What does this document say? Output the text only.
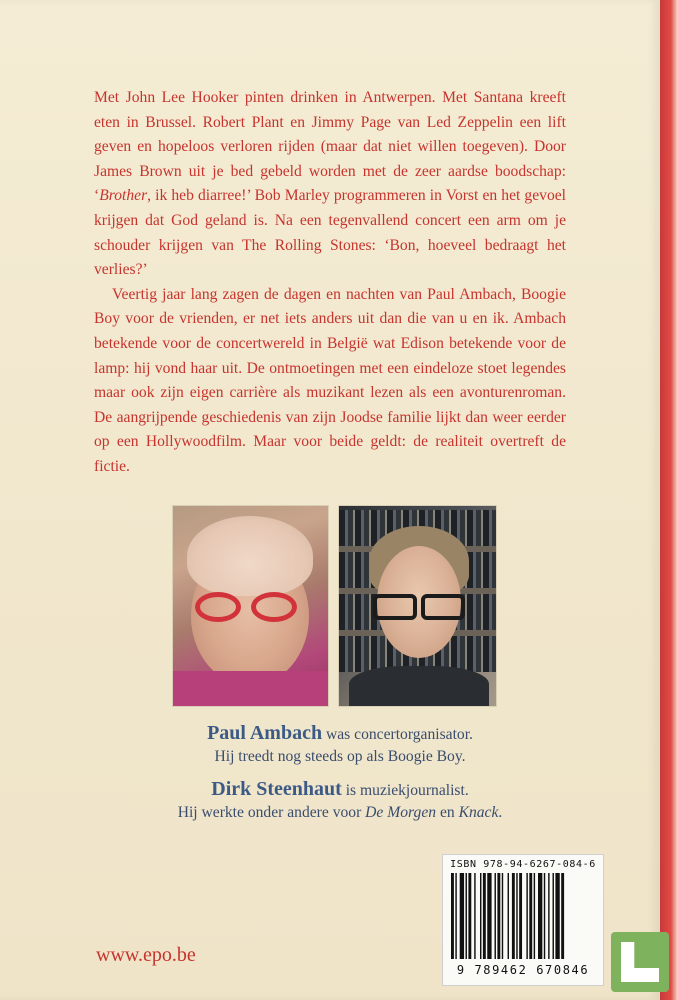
Met John Lee Hooker pinten drinken in Antwerpen. Met Santana kreeft eten in Brussel. Robert Plant en Jimmy Page van Led Zeppelin een lift geven en hopeloos verloren rijden (maar dat niet willen toegeven). Door James Brown uit je bed gebeld worden met de zeer aardse boodschap: ‘Brother, ik heb diarree!’ Bob Marley programmeren in Vorst en het gevoel krijgen dat God geland is. Na een tegenvallend concert een arm om je schouder krijgen van The Rolling Stones: ‘Bon, hoeveel bedraagt het verlies?’

Veertig jaar lang zagen de dagen en nachten van Paul Ambach, Boogie Boy voor de vrienden, er net iets anders uit dan die van u en ik. Ambach betekende voor de concertwereld in België wat Edison betekende voor de lamp: hij vond haar uit. De ontmoetingen met een eindeloze stoet legendes maar ook zijn eigen carrière als muzikant lezen als een avonturenroman. De aangrijpende geschiedenis van zijn Joodse familie lijkt dan weer eerder op een Hollywoodfilm. Maar voor beide geldt: de realiteit overtreft de fictie.

Paul Ambach was concertorganisator.
Hij treedt nog steeds op als Boogie Boy.
Dirk Steenhaut is muziekjournalist.
Hij werkte onder andere voor De Morgen en Knack.
www.epo.be
ISBN 978-94-6267-084-6
9 789462 670846
